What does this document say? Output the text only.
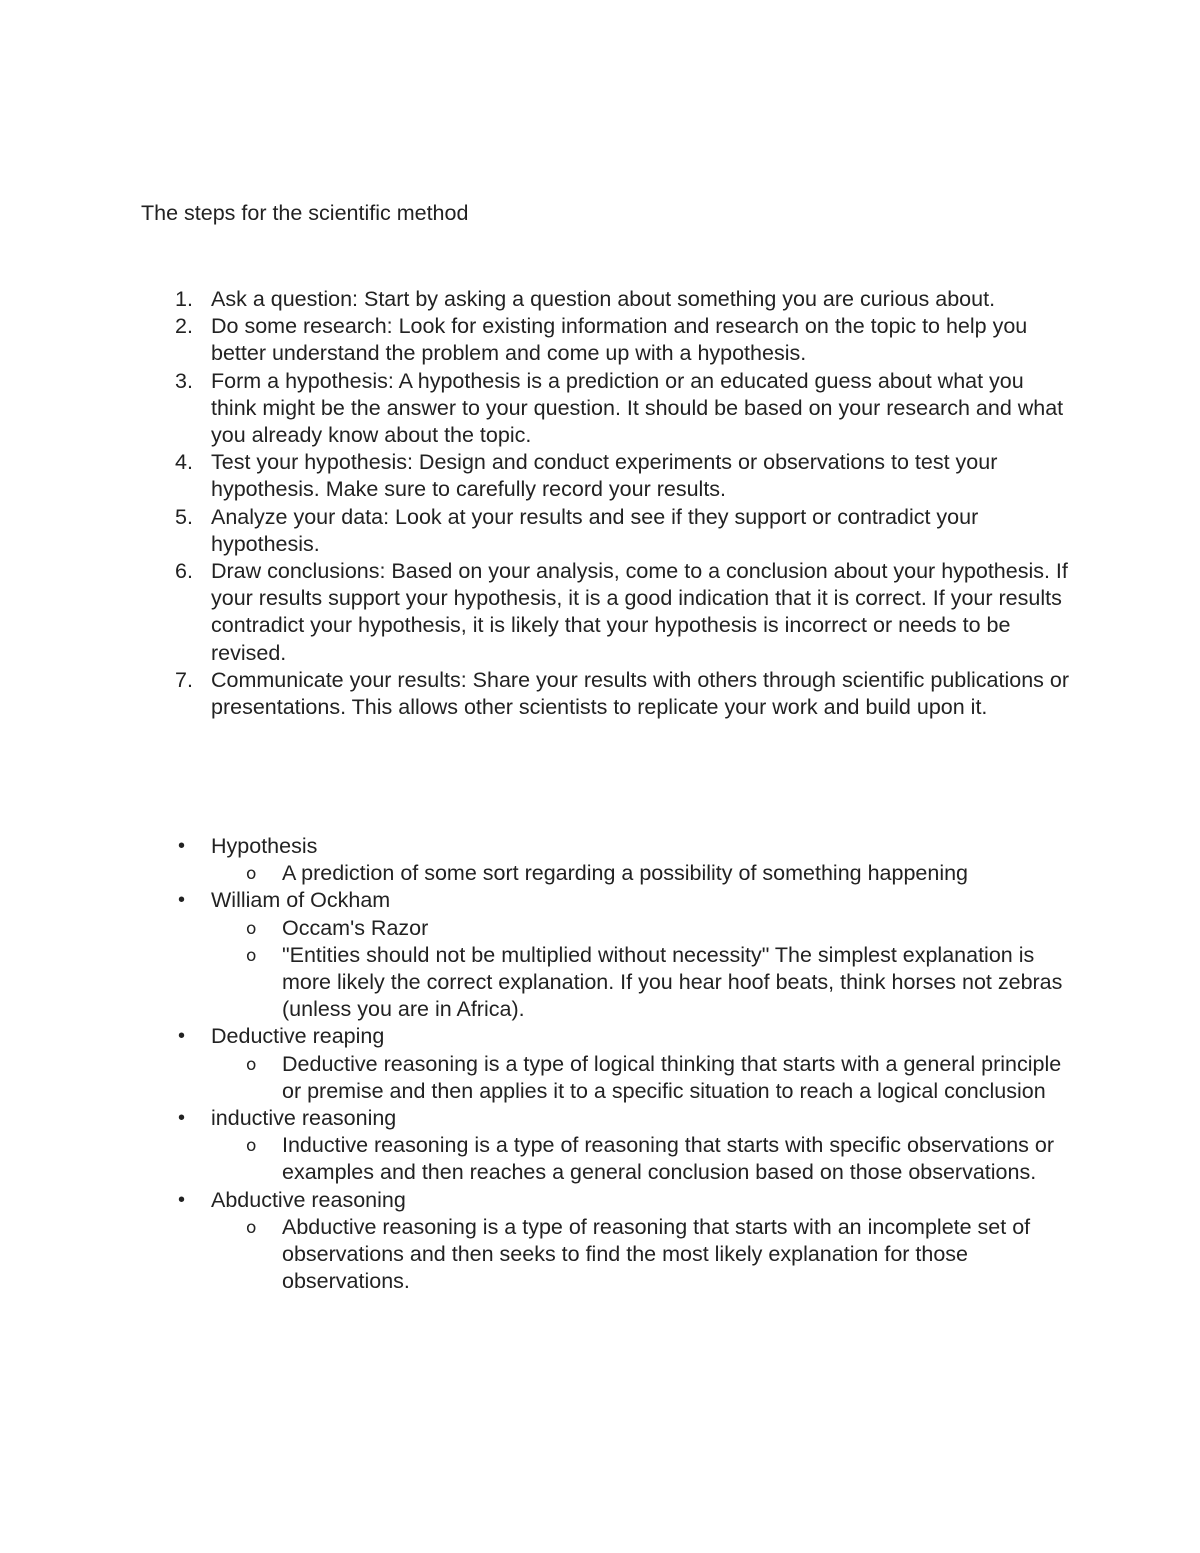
The steps for the scientific method
1. Ask a question: Start by asking a question about something you are curious about.
2. Do some research: Look for existing information and research on the topic to help you better understand the problem and come up with a hypothesis.
3. Form a hypothesis: A hypothesis is a prediction or an educated guess about what you think might be the answer to your question. It should be based on your research and what you already know about the topic.
4. Test your hypothesis: Design and conduct experiments or observations to test your hypothesis. Make sure to carefully record your results.
5. Analyze your data: Look at your results and see if they support or contradict your hypothesis.
6. Draw conclusions: Based on your analysis, come to a conclusion about your hypothesis. If your results support your hypothesis, it is a good indication that it is correct. If your results contradict your hypothesis, it is likely that your hypothesis is incorrect or needs to be revised.
7. Communicate your results: Share your results with others through scientific publications or presentations. This allows other scientists to replicate your work and build upon it.
• Hypothesis
o A prediction of some sort regarding a possibility of something happening
• William of Ockham
o Occam's Razor
o "Entities should not be multiplied without necessity" The simplest explanation is more likely the correct explanation. If you hear hoof beats, think horses not zebras (unless you are in Africa).
• Deductive reaping
o Deductive reasoning is a type of logical thinking that starts with a general principle or premise and then applies it to a specific situation to reach a logical conclusion
• inductive reasoning
o Inductive reasoning is a type of reasoning that starts with specific observations or examples and then reaches a general conclusion based on those observations.
• Abductive reasoning
o Abductive reasoning is a type of reasoning that starts with an incomplete set of observations and then seeks to find the most likely explanation for those observations.
